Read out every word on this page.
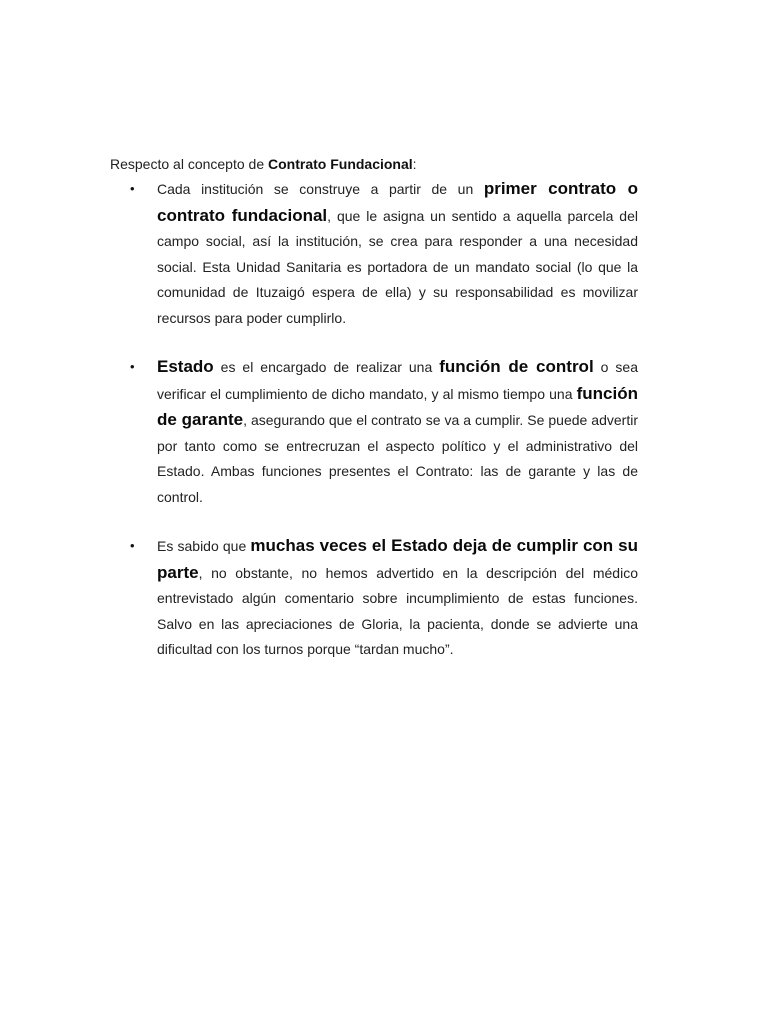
Respecto al concepto de Contrato Fundacional:

• Cada institución se construye a partir de un primer contrato o contrato fundacional, que le asigna un sentido a aquella parcela del campo social, así la institución, se crea para responder a una necesidad social. Esta Unidad Sanitaria es portadora de un mandato social (lo que la comunidad de Ituzaigó espera de ella) y su responsabilidad es movilizar recursos para poder cumplirlo.
• Estado es el encargado de realizar una función de control o sea verificar el cumplimiento de dicho mandato, y al mismo tiempo una función de garante, asegurando que el contrato se va a cumplir. Se puede advertir por tanto como se entrecruzan el aspecto político y el administrativo del Estado. Ambas funciones presentes el Contrato: las de garante y las de control.
• Es sabido que muchas veces el Estado deja de cumplir con su parte, no obstante, no hemos advertido en la descripción del médico entrevistado algún comentario sobre incumplimiento de estas funciones. Salvo en las apreciaciones de Gloria, la pacienta, donde se advierte una dificultad con los turnos porque “tardan mucho”.
